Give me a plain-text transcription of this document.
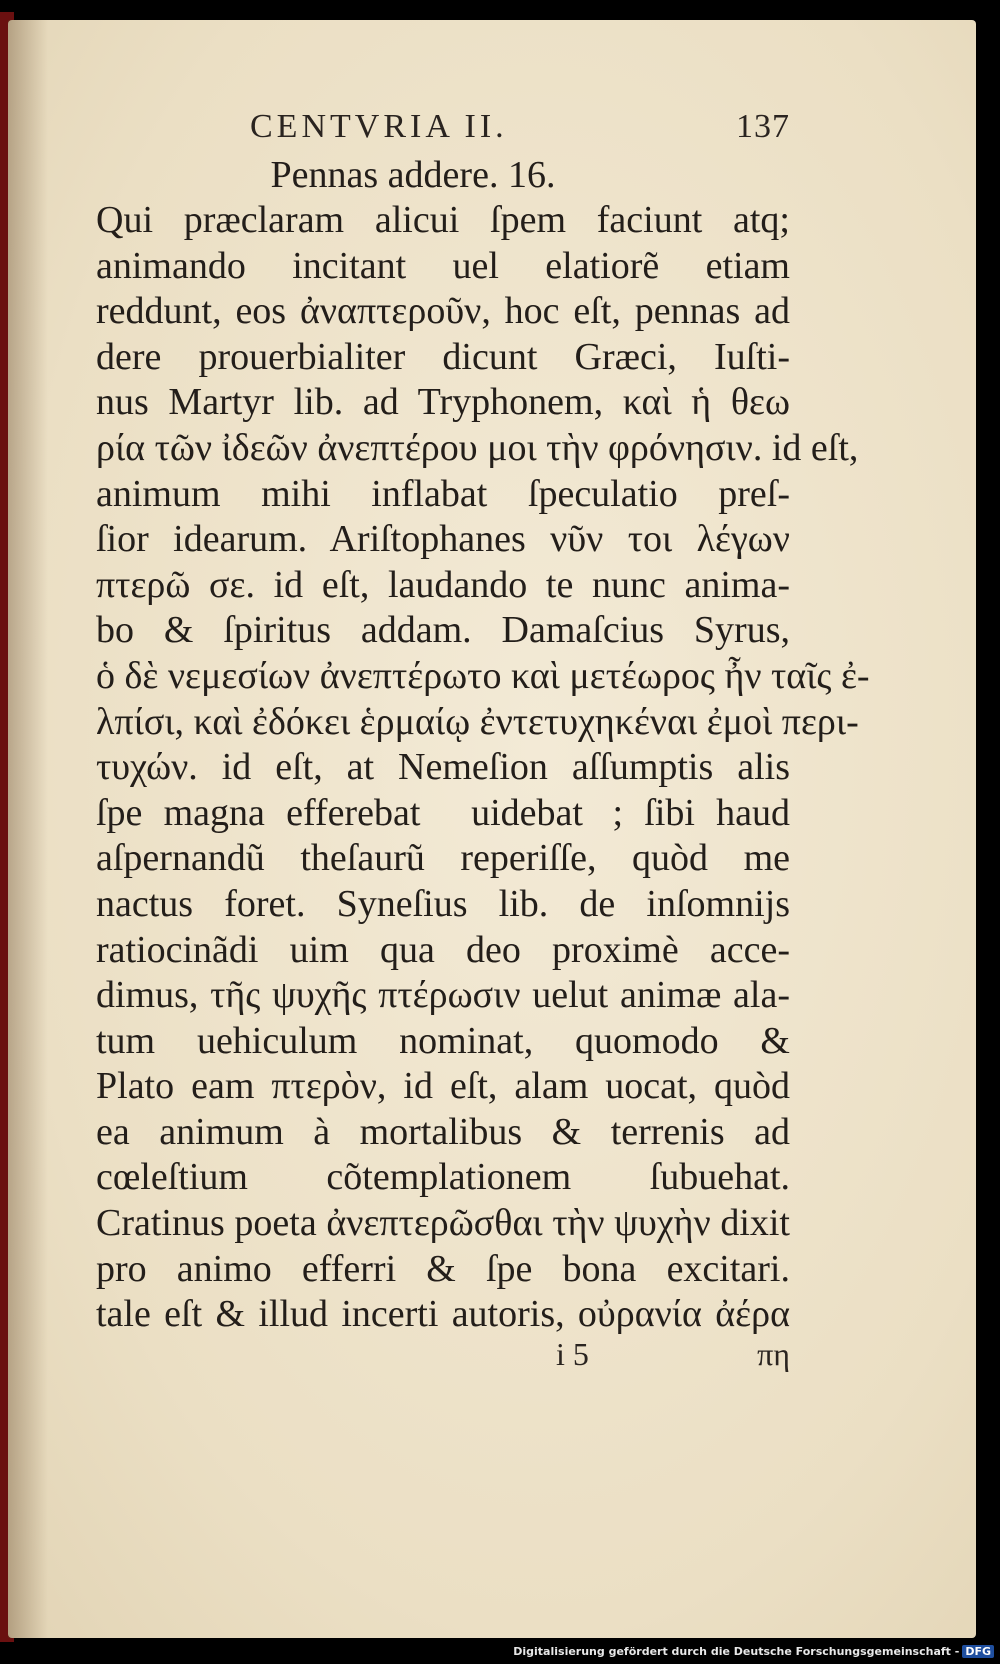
CENTVRIA II.	137
Pennas addere. 16.
Qui præclaram alicui ſpem faciunt atq;
animando incitant uel elatiorẽ etiam
reddunt, eos ἀναπτεροῦν, hoc eſt, pennas ad
dere prouerbialiter dicunt Græci, Iuſti-
nus Martyr lib. ad Tryphonem, καὶ ἡ θεω
ρία τῶν ἰδεῶν ἀνεπτέρου μοι τὴν φρόνησιν. id eſt,
animum mihi inflabat ſpeculatio preſ-
ſior idearum. Ariſtophanes νῦν τοι λέγων
πτερῶ σε. id eſt, laudando te nunc anima-
bo & ſpiritus addam. Damaſcius Syrus,
ὁ δὲ νεμεσίων ἀνεπτέρωτο καὶ μετέωρος ἦν ταῖς ἐ-
λπίσι, καὶ ἐδόκει ἑρμαίῳ ἐντετυχηκέναι ἐμοὶ περι-
τυχών. id eſt, at Nemeſion aſſumptis alis
ſpe magna efferebatᷣ uidebatᷣ; ſibi haud
aſpernandũ theſaurũ reperiſſe, quòd me
nactus foret. Syneſius lib. de inſomnijs
ratiocinãdi uim qua deo proximè acce-
dimus, τῆς ψυχῆς πτέρωσιν uelut animæ ala-
tum uehiculum nominat, quomodo &
Plato eam πτερὸν, id eſt, alam uocat, quòd
ea animum à mortalibus & terrenis ad
cœleſtium cõtemplationem ſubuehat.
Cratinus poeta ἀνεπτερῶσθαι τὴν ψυχὴν dixit
pro animo efferri & ſpe bona excitari.
tale eſt & illud incerti autoris, οὐρανία ἀέρα
i 5	πη
Digitalisierung gefördert durch die Deutsche Forschungsgemeinschaft - DFG
